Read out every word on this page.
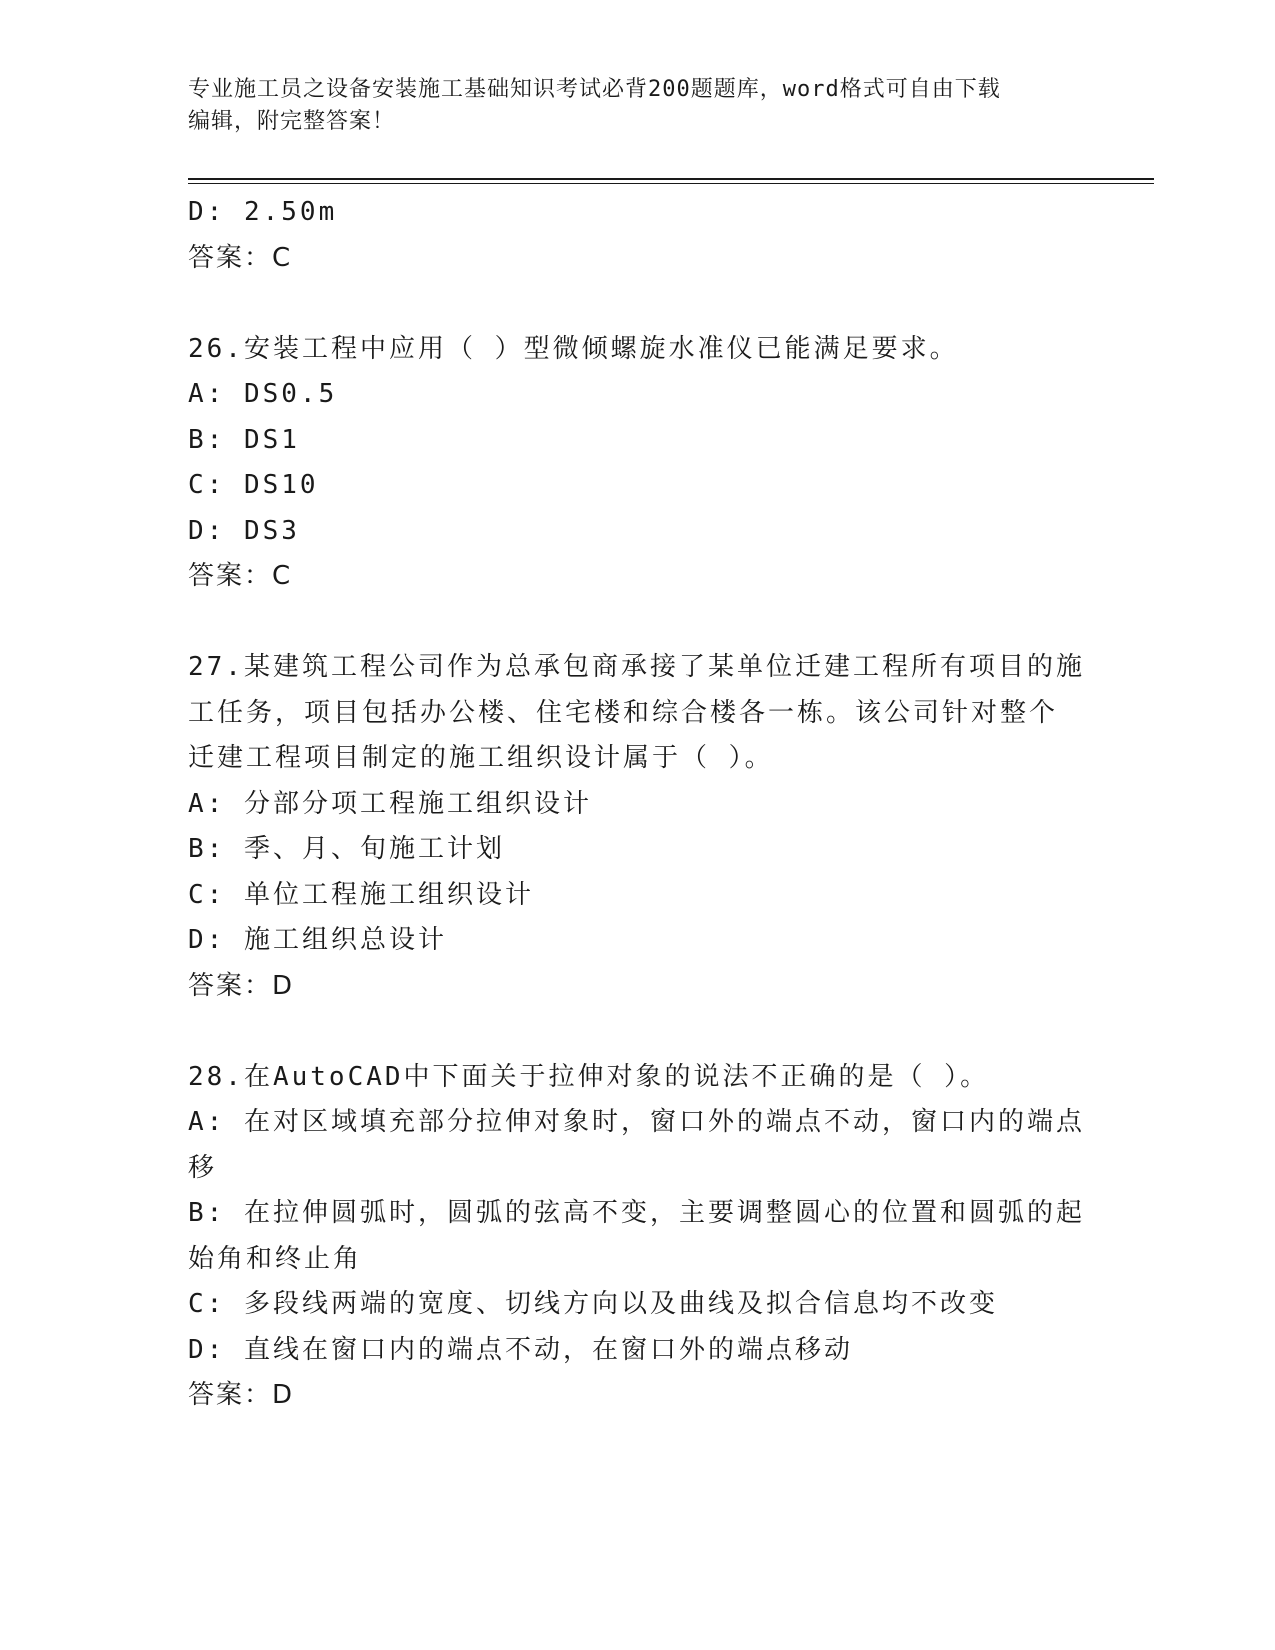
专业施工员之设备安装施工基础知识考试必背200题题库，word格式可自由下载
编辑，附完整答案！
D: 2.50m
答案：C
26.安装工程中应用（ ）型微倾螺旋水准仪已能满足要求。
A: DS0.5
B: DS1
C: DS10
D: DS3
答案：C
27.某建筑工程公司作为总承包商承接了某单位迁建工程所有项目的施
工任务，项目包括办公楼、住宅楼和综合楼各一栋。该公司针对整个
迁建工程项目制定的施工组织设计属于（ ）。
A: 分部分项工程施工组织设计
B: 季、月、旬施工计划
C: 单位工程施工组织设计
D: 施工组织总设计
答案：D
28.在AutoCAD中下面关于拉伸对象的说法不正确的是（ ）。
A: 在对区域填充部分拉伸对象时，窗口外的端点不动，窗口内的端点
移
B: 在拉伸圆弧时，圆弧的弦高不变，主要调整圆心的位置和圆弧的起
始角和终止角
C: 多段线两端的宽度、切线方向以及曲线及拟合信息均不改变
D: 直线在窗口内的端点不动，在窗口外的端点移动
答案：D
